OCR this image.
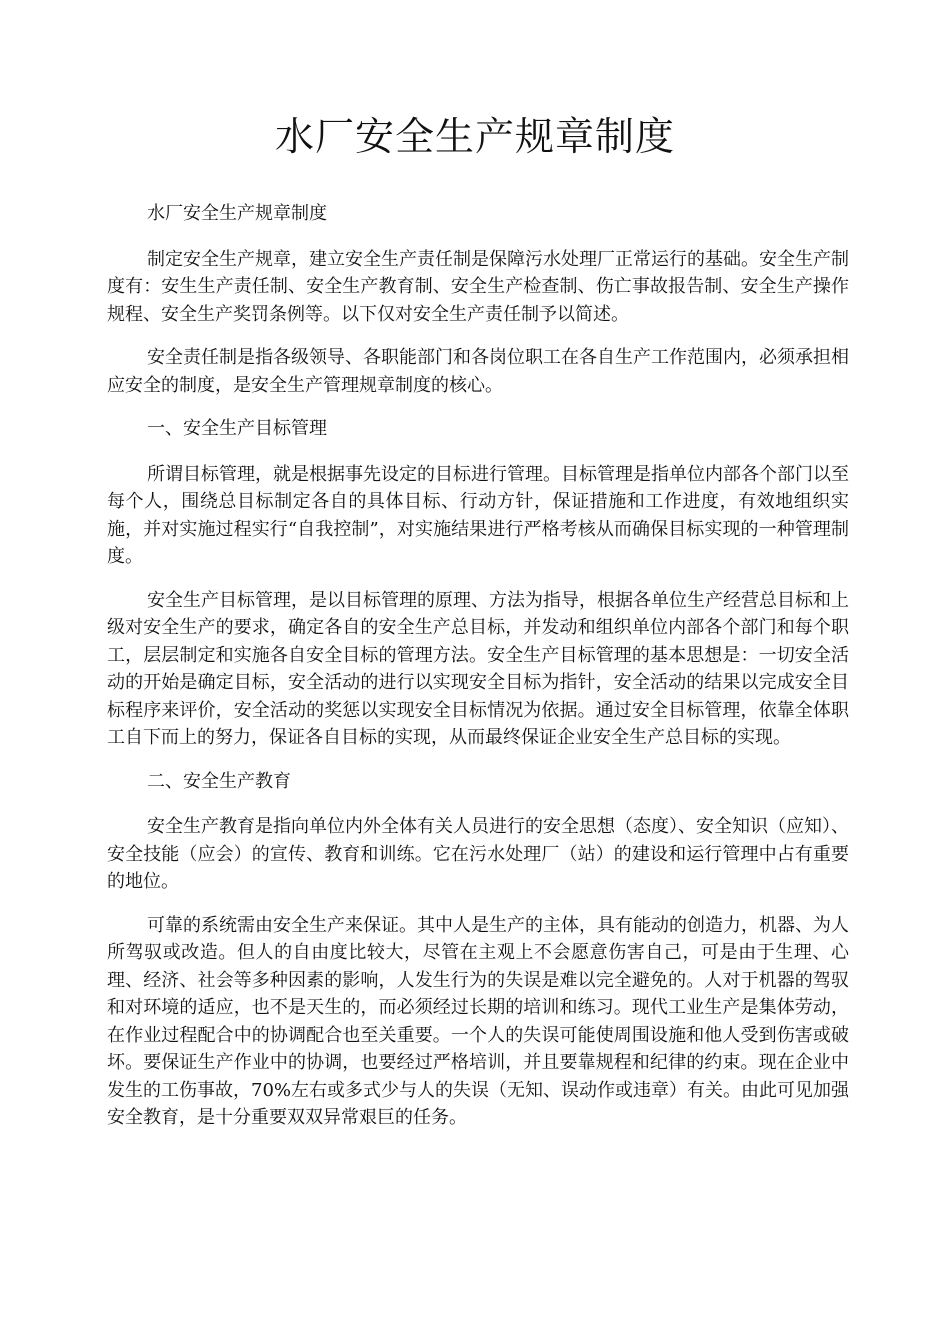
水厂安全生产规章制度

水厂安全生产规章制度

制定安全生产规章，建立安全生产责任制是保障污水处理厂正常运行的基础。安全生产制度有：安生生产责任制、安全生产教育制、安全生产检查制、伤亡事故报告制、安全生产操作规程、安全生产奖罚条例等。以下仅对安全生产责任制予以简述。

安全责任制是指各级领导、各职能部门和各岗位职工在各自生产工作范围内，必须承担相应安全的制度，是安全生产管理规章制度的核心。

一、安全生产目标管理

所谓目标管理，就是根据事先设定的目标进行管理。目标管理是指单位内部各个部门以至每个人，围绕总目标制定各自的具体目标、行动方针，保证措施和工作进度，有效地组织实施，并对实施过程实行“自我控制”，对实施结果进行严格考核从而确保目标实现的一种管理制度。

安全生产目标管理，是以目标管理的原理、方法为指导，根据各单位生产经营总目标和上级对安全生产的要求，确定各自的安全生产总目标，并发动和组织单位内部各个部门和每个职工，层层制定和实施各自安全目标的管理方法。安全生产目标管理的基本思想是：一切安全活动的开始是确定目标，安全活动的进行以实现安全目标为指针，安全活动的结果以完成安全目标程序来评价，安全活动的奖惩以实现安全目标情况为依据。通过安全目标管理，依靠全体职工自下而上的努力，保证各自目标的实现，从而最终保证企业安全生产总目标的实现。

二、安全生产教育

安全生产教育是指向单位内外全体有关人员进行的安全思想（态度）、安全知识（应知）、安全技能（应会）的宣传、教育和训练。它在污水处理厂（站）的建设和运行管理中占有重要的地位。

可靠的系统需由安全生产来保证。其中人是生产的主体，具有能动的创造力，机器、为人所驾驭或改造。但人的自由度比较大，尽管在主观上不会愿意伤害自己，可是由于生理、心理、经济、社会等多种因素的影响，人发生行为的失误是难以完全避免的。人对于机器的驾驭和对环境的适应，也不是天生的，而必须经过长期的培训和练习。现代工业生产是集体劳动，在作业过程配合中的协调配合也至关重要。一个人的失误可能使周围设施和他人受到伤害或破坏。要保证生产作业中的协调，也要经过严格培训，并且要靠规程和纪律的约束。现在企业中发生的工伤事故，70%左右或多式少与人的失误（无知、误动作或违章）有关。由此可见加强安全教育，是十分重要双双异常艰巨的任务。
